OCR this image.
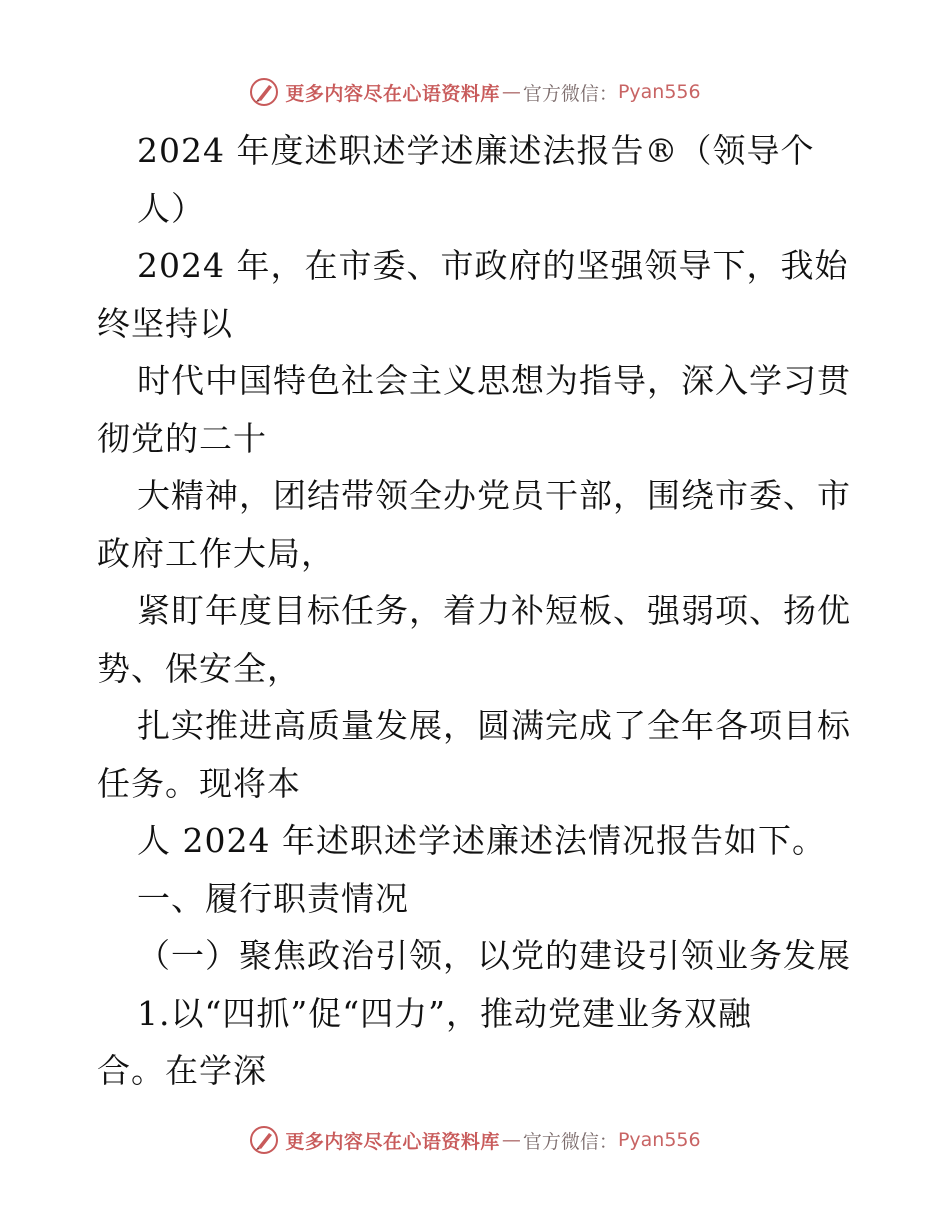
更多内容尽在心语资料库 — 官方微信： Pyan556
2024 年度述职述学述廉述法报告®（领导个
人）
2024 年，在市委、市政府的坚强领导下，我始
终坚持以
时代中国特色社会主义思想为指导，深入学习贯
彻党的二十
大精神，团结带领全办党员干部，围绕市委、市
政府工作大局，
紧盯年度目标任务，着力补短板、强弱项、扬优
势、保安全，
扎实推进高质量发展，圆满完成了全年各项目标
任务。现将本
人 2024 年述职述学述廉述法情况报告如下。
一、履行职责情况
（一）聚焦政治引领，以党的建设引领业务发展
1.以“四抓”促“四力”，推动党建业务双融
合。在学深
更多内容尽在心语资料库 — 官方微信： Pyan556
